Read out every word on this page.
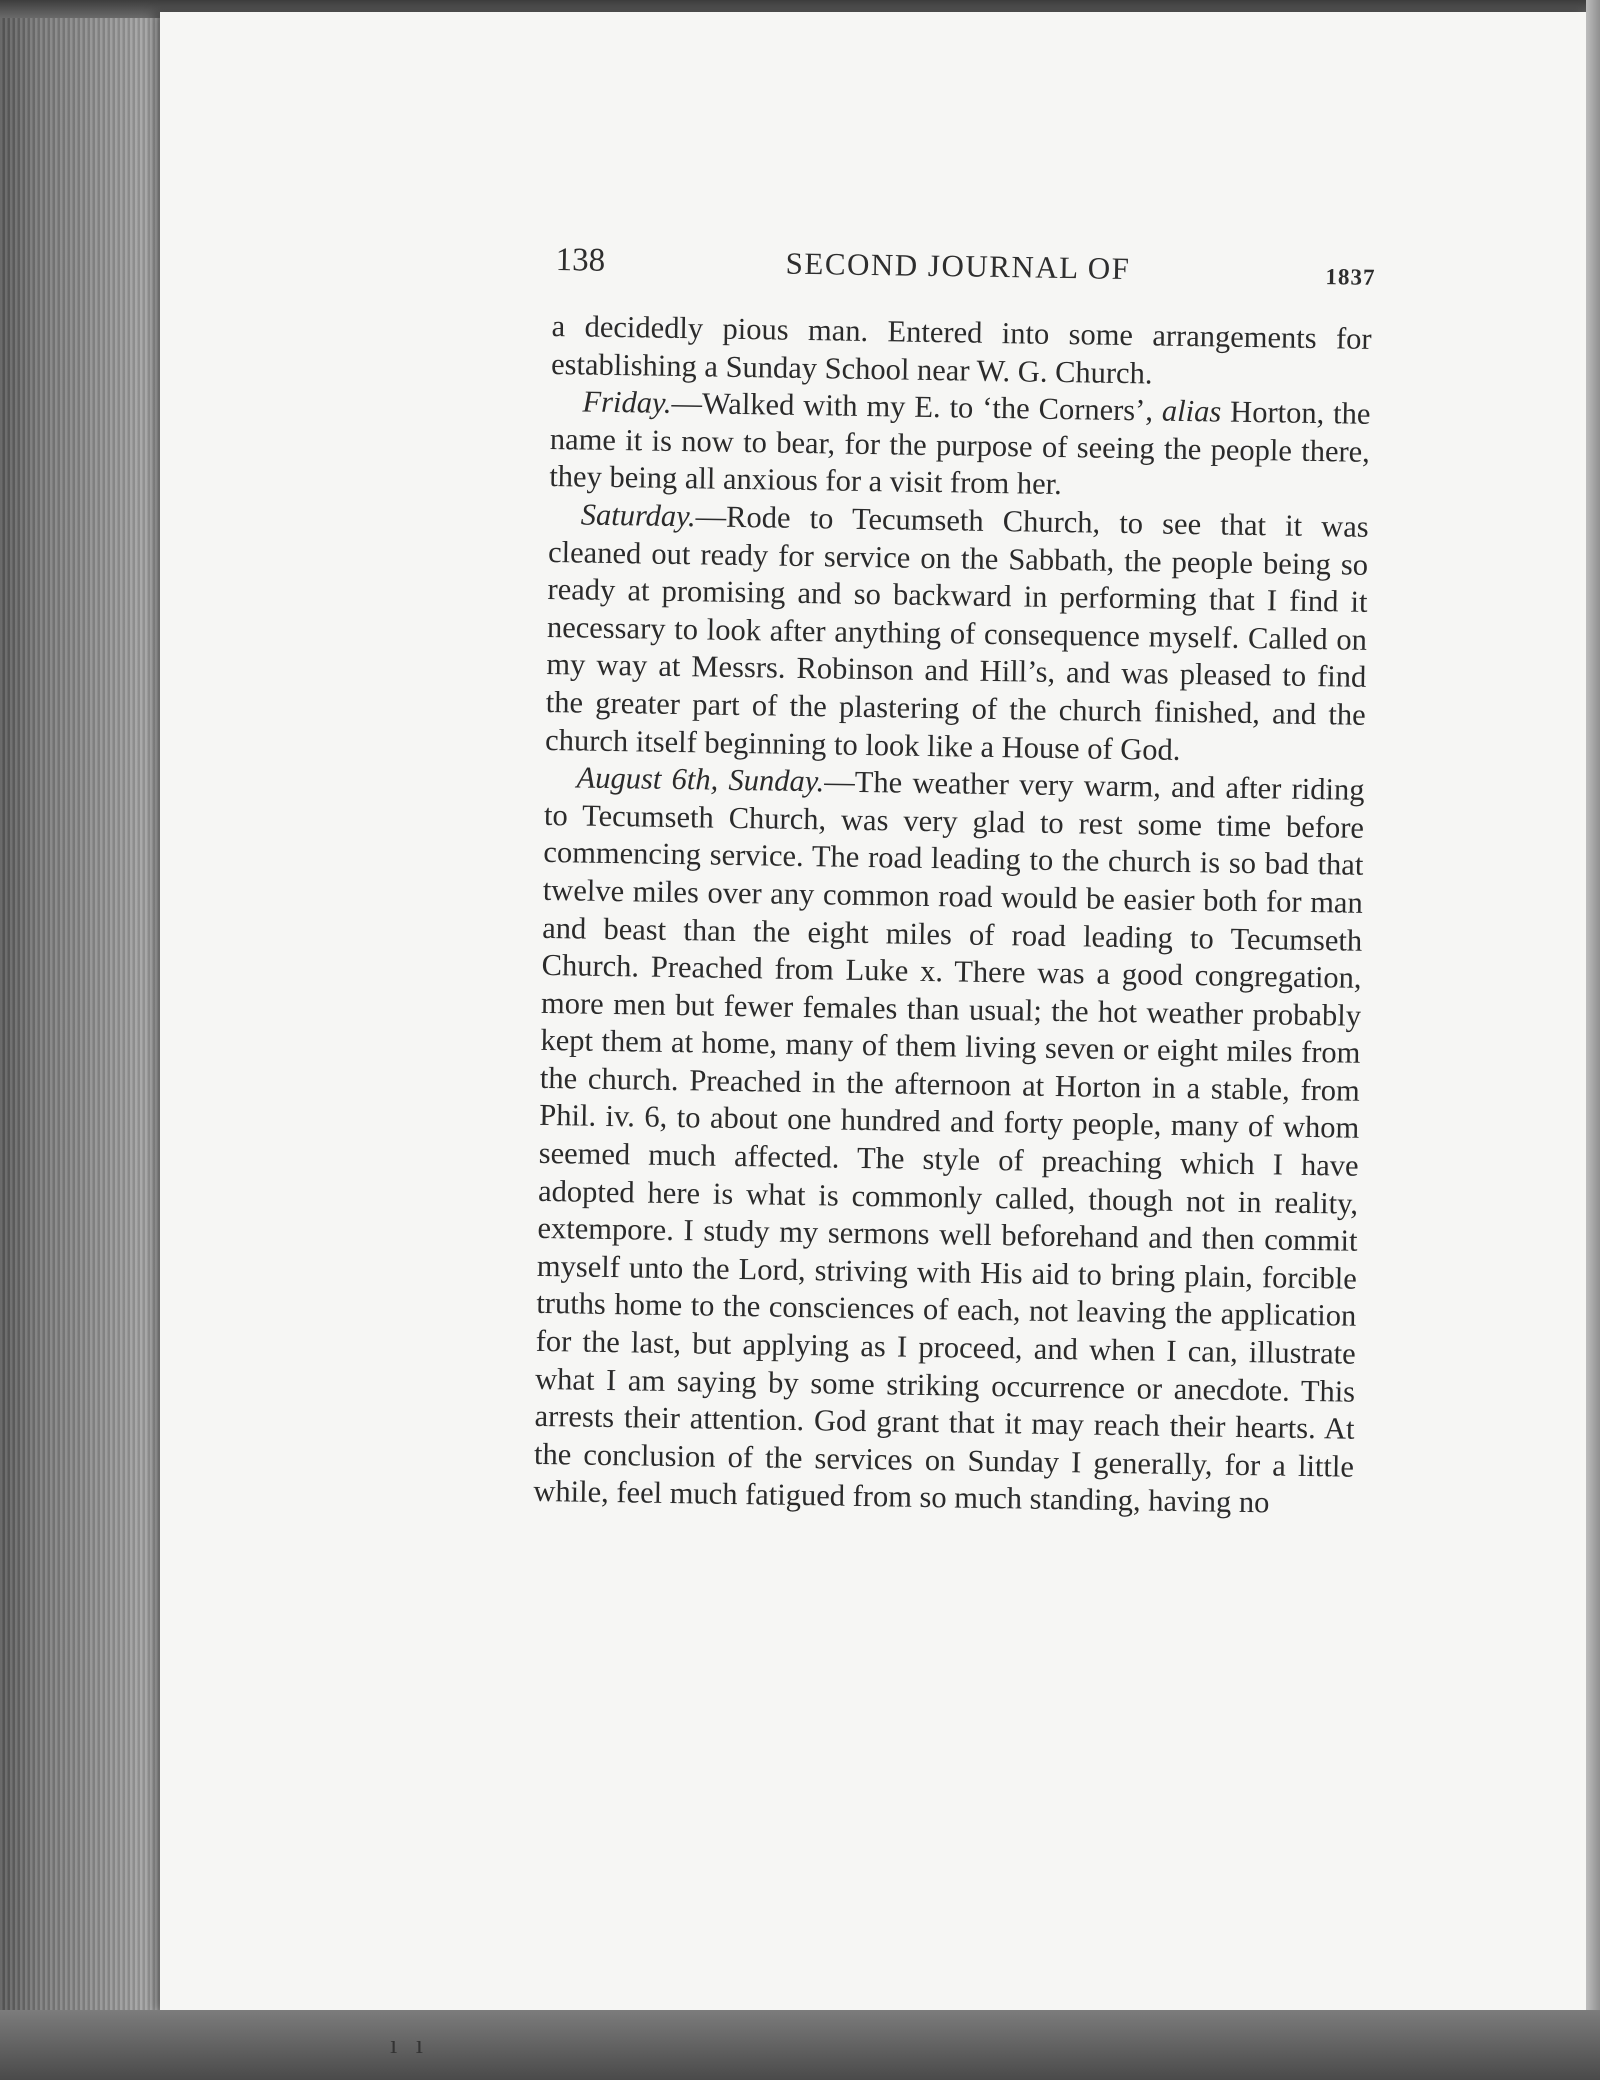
138	SECOND JOURNAL OF	1837

a decidedly pious man. Entered into some arrangements for establishing a Sunday School near W. G. Church.

Friday.—Walked with my E. to ‘the Corners’, alias Horton, the name it is now to bear, for the purpose of seeing the people there, they being all anxious for a visit from her.

Saturday.—Rode to Tecumseth Church, to see that it was cleaned out ready for service on the Sabbath, the people being so ready at promising and so backward in performing that I find it necessary to look after anything of consequence myself. Called on my way at Messrs. Robinson and Hill’s, and was pleased to find the greater part of the plastering of the church finished, and the church itself beginning to look like a House of God.

August 6th, Sunday.—The weather very warm, and after riding to Tecumseth Church, was very glad to rest some time before commencing service. The road leading to the church is so bad that twelve miles over any common road would be easier both for man and beast than the eight miles of road leading to Tecumseth Church. Preached from Luke x. There was a good congregation, more men but fewer females than usual; the hot weather probably kept them at home, many of them living seven or eight miles from the church. Preached in the afternoon at Horton in a stable, from Phil. iv. 6, to about one hundred and forty people, many of whom seemed much affected. The style of preaching which I have adopted here is what is commonly called, though not in reality, extempore. I study my sermons well beforehand and then commit myself unto the Lord, striving with His aid to bring plain, forcible truths home to the consciences of each, not leaving the application for the last, but applying as I proceed, and when I can, illustrate what I am saying by some striking occurrence or anecdote. This arrests their attention. God grant that it may reach their hearts. At the conclusion of the services on Sunday I generally, for a little while, feel much fatigued from so much standing, having no

ı ı
